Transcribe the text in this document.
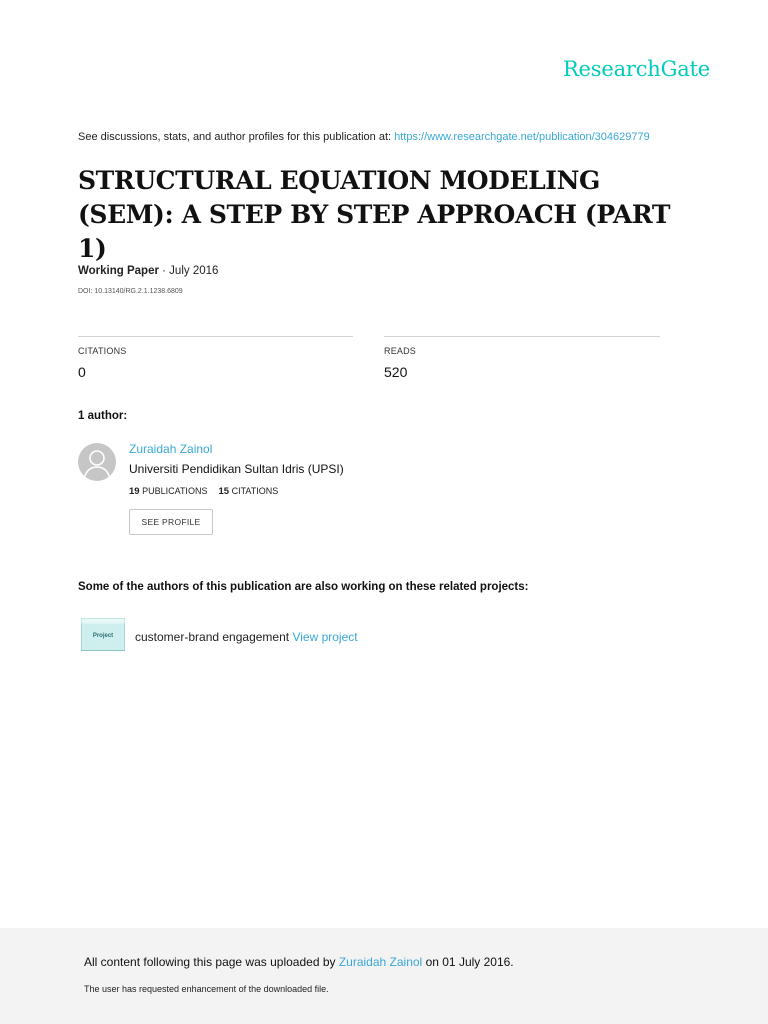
ResearchGate
See discussions, stats, and author profiles for this publication at: https://www.researchgate.net/publication/304629779
STRUCTURAL EQUATION MODELING (SEM): A STEP BY STEP APPROACH (PART 1)
Working Paper · July 2016
DOI: 10.13140/RG.2.1.1238.6809
CITATIONS
0
READS
520
1 author:
Zuraidah Zainol
Universiti Pendidikan Sultan Idris (UPSI)
19 PUBLICATIONS 15 CITATIONS
SEE PROFILE
Some of the authors of this publication are also working on these related projects:
Project	customer-brand engagement View project
All content following this page was uploaded by Zuraidah Zainol on 01 July 2016.
The user has requested enhancement of the downloaded file.
